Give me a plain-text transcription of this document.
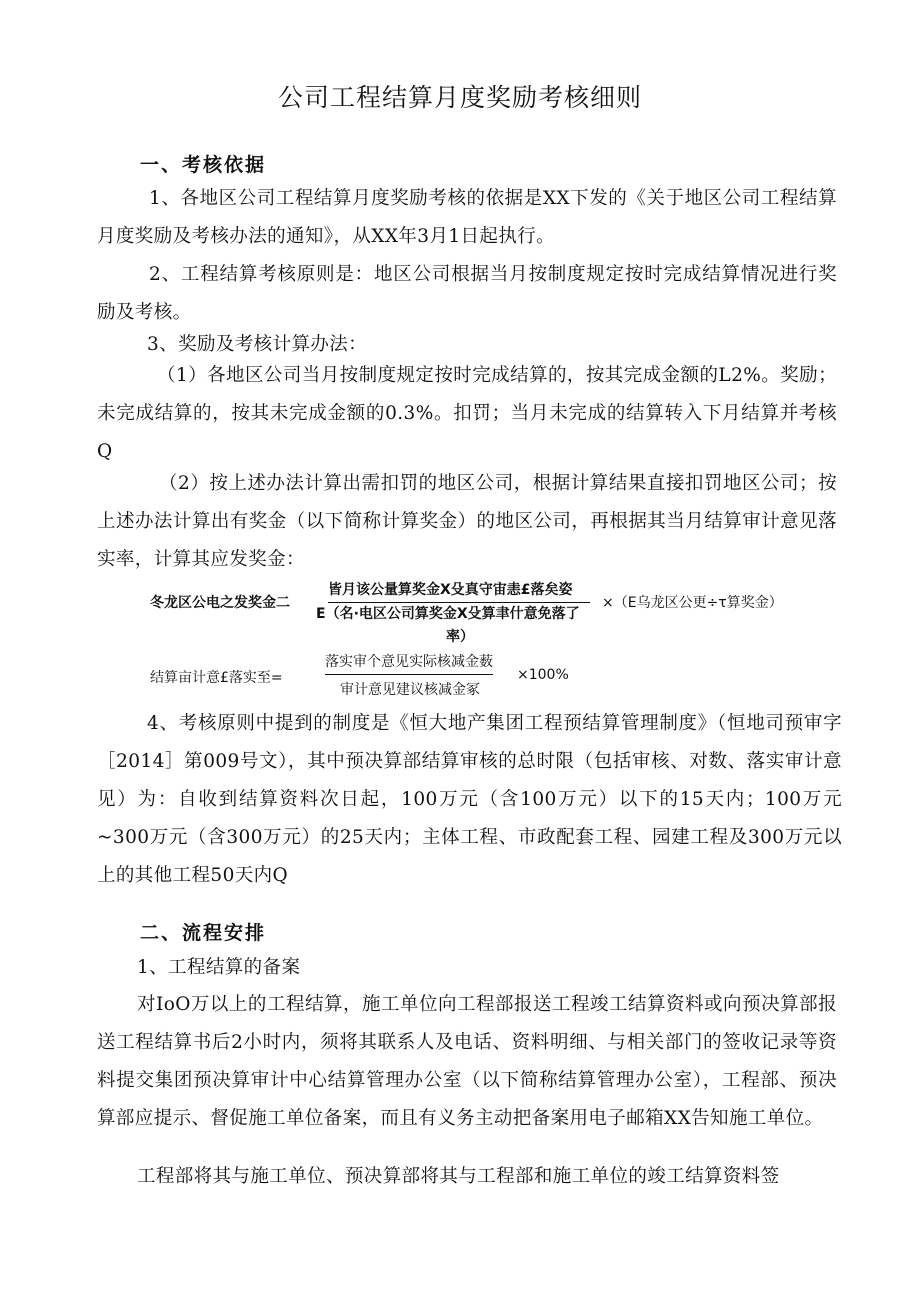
公司工程结算月度奖励考核细则
一、考核依据
1、各地区公司工程结算月度奖励考核的依据是XX下发的《关于地区公司工程结算月度奖励及考核办法的通知》，从XX年3月1日起执行。
2、工程结算考核原则是：地区公司根据当月按制度规定按时完成结算情况进行奖励及考核。
3、奖励及考核计算办法：
（1）各地区公司当月按制度规定按时完成结算的，按其完成金额的L2%。奖励；未完成结算的，按其未完成金额的0.3%。扣罚；当月未完成的结算转入下月结算并考核Q
（2）按上述办法计算出需扣罚的地区公司，根据计算结果直接扣罚地区公司；按上述办法计算出有奖金（以下简称计算奖金）的地区公司，再根据其当月结算审计意见落实率，计算其应发奖金：
冬龙区公电之发奖金二
皆月该公量算奖金X殳真守宙恚£落矣姿
E（名·电区公司算奖金X殳算聿什意免落了
率）
×（E乌龙区公更÷τ算奖金）
结算亩计意£落实至=
落实审个意见实际核减金薮
审计意见建议核减金冢
×100%
4、考核原则中提到的制度是《恒大地产集团工程预结算管理制度》（恒地司预审字［2014］第009号文），其中预决算部结算审核的总时限（包括审核、对数、落实审计意见）为：自收到结算资料次日起，100万元（含100万元）以下的15天内；100万元~300万元（含300万元）的25天内；主体工程、市政配套工程、园建工程及300万元以上的其他工程50天内Q
二、流程安排
1、工程结算的备案
对IoO万以上的工程结算，施工单位向工程部报送工程竣工结算资料或向预决算部报送工程结算书后2小时内，须将其联系人及电话、资料明细、与相关部门的签收记录等资料提交集团预决算审计中心结算管理办公室（以下简称结算管理办公室），工程部、预决算部应提示、督促施工单位备案，而且有义务主动把备案用电子邮箱XX告知施工单位。
工程部将其与施工单位、预决算部将其与工程部和施工单位的竣工结算资料签
